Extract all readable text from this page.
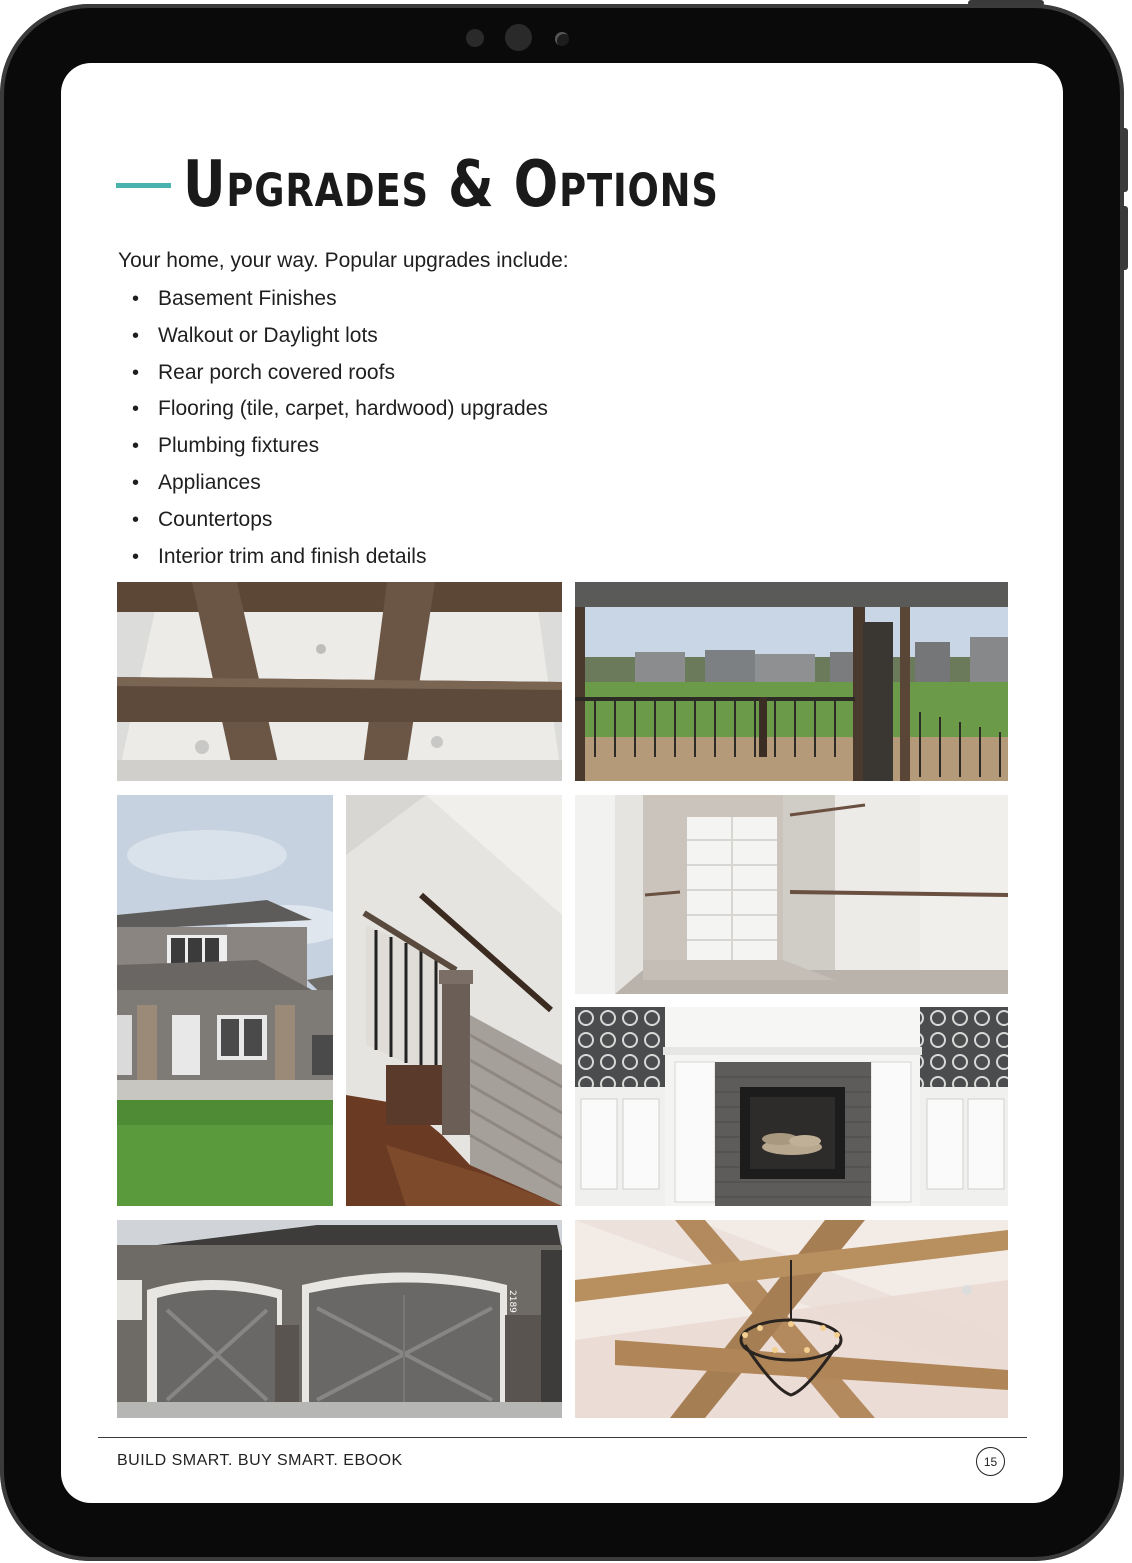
Upgrades & Options
Your home, your way. Popular upgrades include:
• Basement Finishes
• Walkout or Daylight lots
• Rear porch covered roofs
• Flooring (tile, carpet, hardwood) upgrades
• Plumbing fixtures
• Appliances
• Countertops
• Interior trim and finish details
2189
BUILD SMART. BUY SMART. EBOOK	15
